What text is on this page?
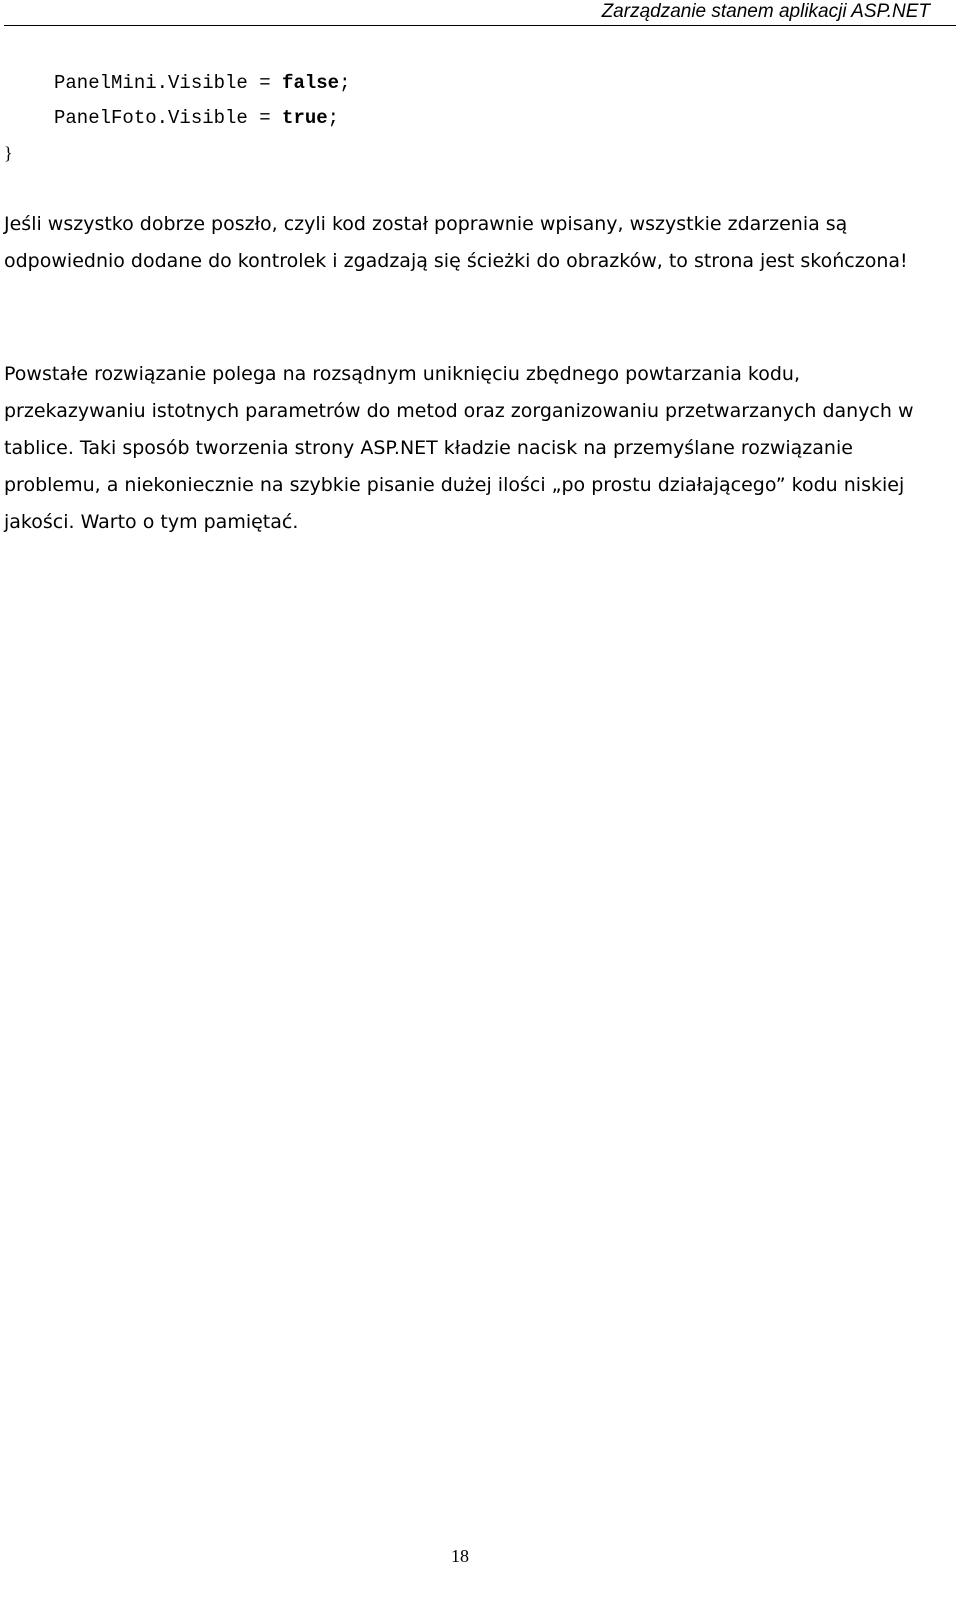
Zarządzanie stanem aplikacji ASP.NET
PanelMini.Visible = false;
PanelFoto.Visible = true;
}

Jeśli wszystko dobrze poszło, czyli kod został poprawnie wpisany, wszystkie zdarzenia są odpowiednio dodane do kontrolek i zgadzają się ścieżki do obrazków, to strona jest skończona!

Powstałe rozwiązanie polega na rozsądnym uniknięciu zbędnego powtarzania kodu, przekazywaniu istotnych parametrów do metod oraz zorganizowaniu przetwarzanych danych w tablice. Taki sposób tworzenia strony ASP.NET kładzie nacisk na przemyślane rozwiązanie problemu, a niekoniecznie na szybkie pisanie dużej ilości „po prostu działającego” kodu niskiej jakości. Warto o tym pamiętać.

18
